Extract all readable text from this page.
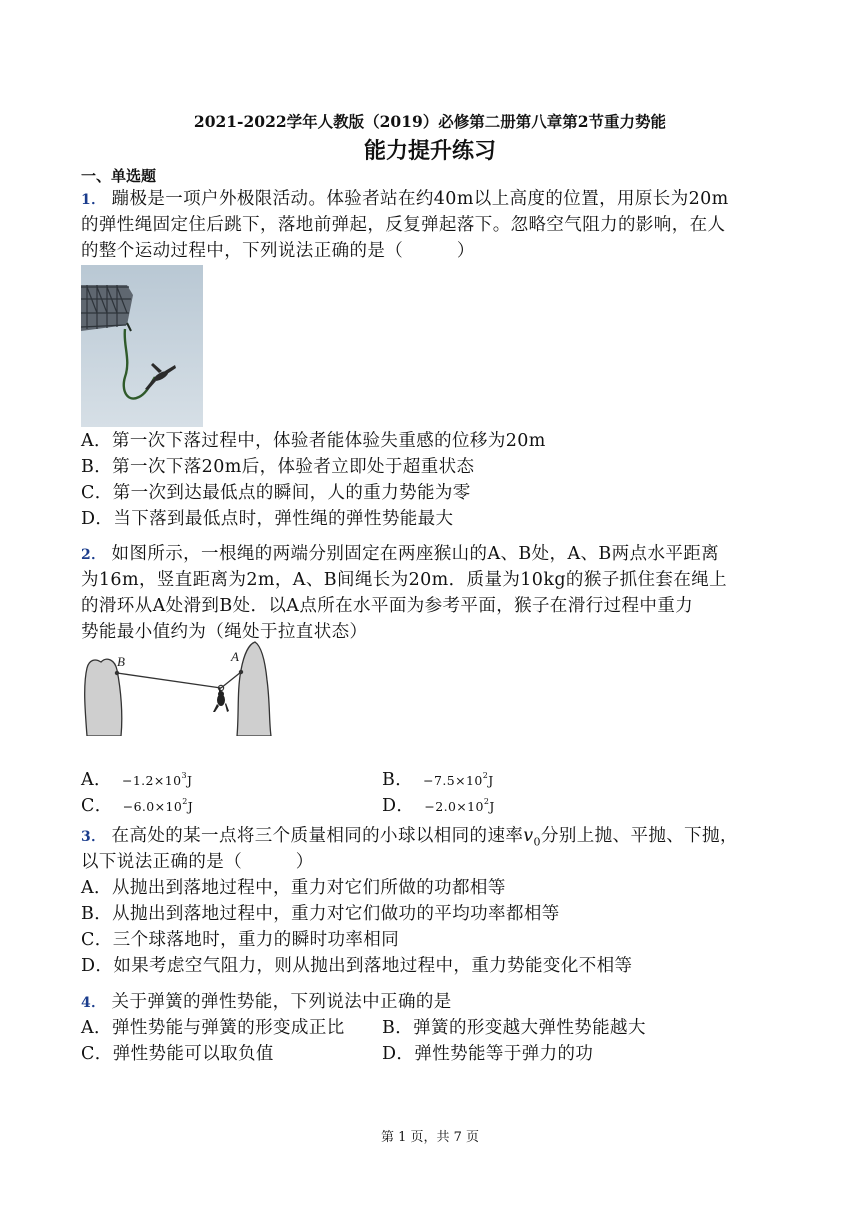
2021-2022学年人教版（2019）必修第二册第八章第2节重力势能
能力提升练习
一、单选题
1． 蹦极是一项户外极限活动。体验者站在约40m以上高度的位置，用原长为20m
的弹性绳固定住后跳下，落地前弹起，反复弹起落下。忽略空气阻力的影响，在人
的整个运动过程中，下列说法正确的是（　　　）
A．第一次下落过程中，体验者能体验失重感的位移为20m
B．第一次下落20m后，体验者立即处于超重状态
C．第一次到达最低点的瞬间，人的重力势能为零
D．当下落到最低点时，弹性绳的弹性势能最大
2． 如图所示，一根绳的两端分别固定在两座猴山的A、B处，A、B两点水平距离
为16m，竖直距离为2m，A、B间绳长为20m．质量为10kg的猴子抓住套在绳上
的滑环从A处滑到B处．以A点所在水平面为参考平面，猴子在滑行过程中重力
势能最小值约为（绳处于拉直状态）
B	A
A． $-1.2\times 10^3J$	B． $-7.5\times 10^2J$
C． $-6.0\times 10^2J$	D． $-2.0\times 10^2J$
3． 在高处的某一点将三个质量相同的小球以相同的速率$v_0$分别上抛、平抛、下抛，
以下说法正确的是（　　　）
A．从抛出到落地过程中，重力对它们所做的功都相等
B．从抛出到落地过程中，重力对它们做功的平均功率都相等
C．三个球落地时，重力的瞬时功率相同
D．如果考虑空气阻力，则从抛出到落地过程中，重力势能变化不相等
4． 关于弹簧的弹性势能，下列说法中正确的是
A．弹性势能与弹簧的形变成正比 B．弹簧的形变越大弹性势能越大
C．弹性势能可以取负值	D．弹性势能等于弹力的功
第 1 页，共 7 页
